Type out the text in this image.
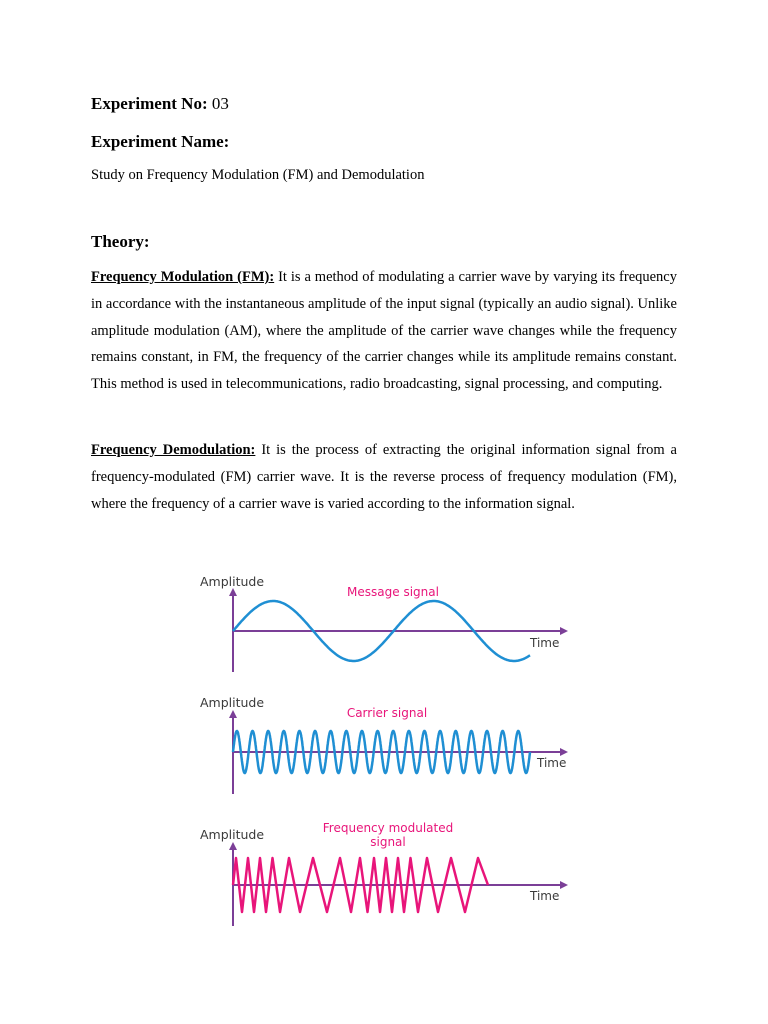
Experiment No: 03
Experiment Name:
Study on Frequency Modulation (FM) and Demodulation
Theory:

Frequency Modulation (FM): It is a method of modulating a carrier wave by varying its frequency in accordance with the instantaneous amplitude of the input signal (typically an audio signal). Unlike amplitude modulation (AM), where the amplitude of the carrier wave changes while the frequency remains constant, in FM, the frequency of the carrier changes while its amplitude remains constant. This method is used in telecommunications, radio broadcasting, signal processing, and computing.

Frequency Demodulation: It is the process of extracting the original information signal from a frequency-modulated (FM) carrier wave. It is the reverse process of frequency modulation (FM), where the frequency of a carrier wave is varied according to the information signal.

Amplitude
Time
Message signal
Amplitude
Time
Carrier signal
Amplitude
Time
Frequency modulated
signal
